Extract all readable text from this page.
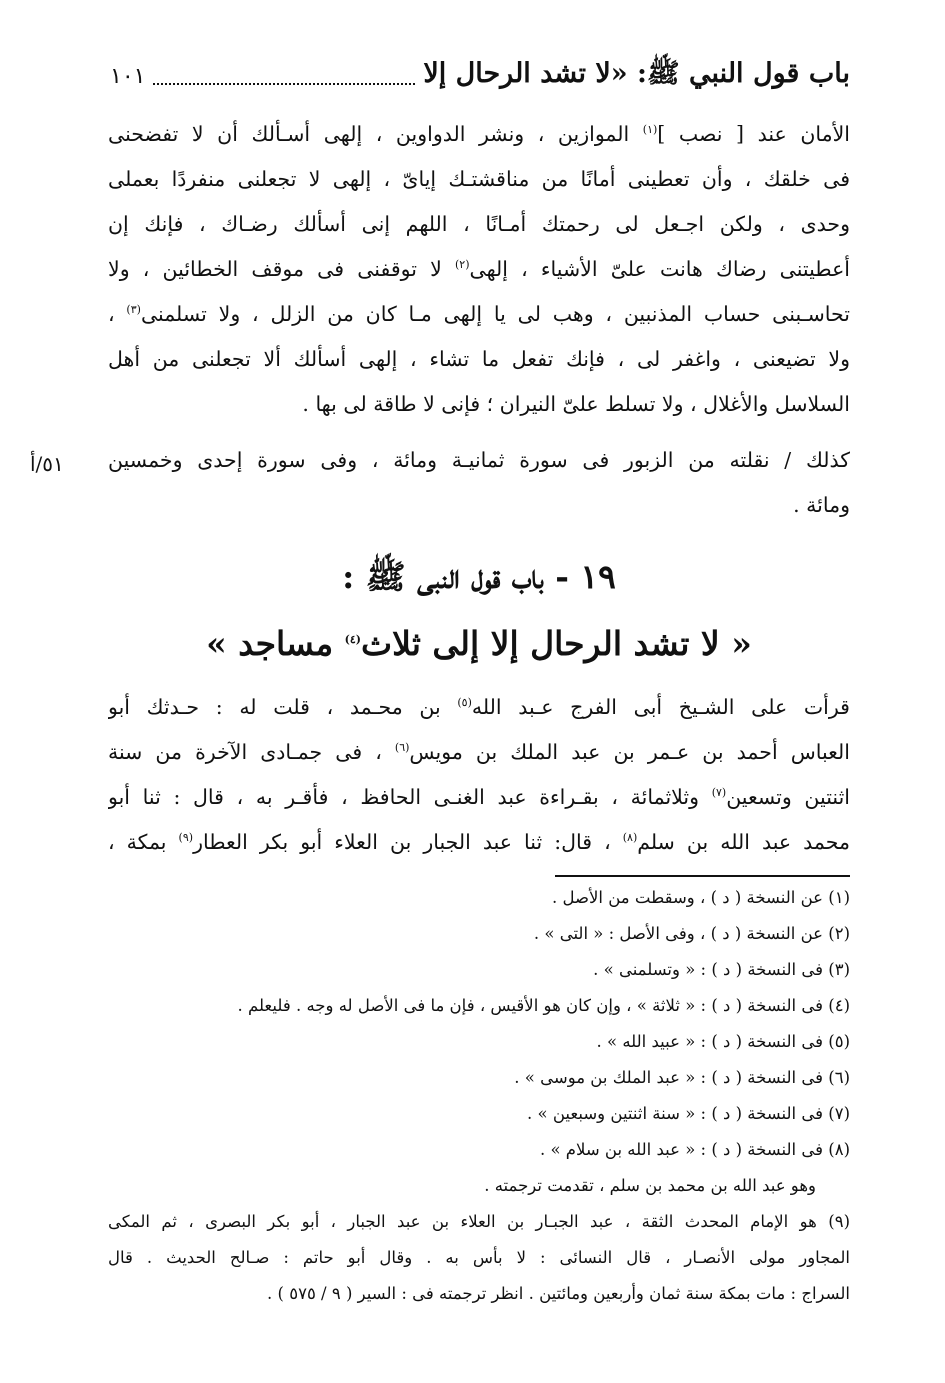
باب قول النبي ﷺ: «لا تشد الرحال إلا
١٠١
الأمان عند [ نصب ]$^{(١)}$ الموازين ، ونشر الدواوين ، إلهى أسـألك أن لا تفضحنى
فى خلقك ، وأن تعطينى أمانًا من مناقشتـك إياىّ ، إلهى لا تجعلنى منفردًا بعملى
وحدى ، ولكن اجـعل لى رحمتك أمـانًا ، اللهم إنى أسألك رضـاك ، فإنك إن
أعطيتنى رضاك هانت علىّ الأشياء ، إلهى$^{(٢)}$ لا توقفنى فى موقف الخطائين ، ولا
تحاسـبنى حساب المذنبين ، وهب لى يا إلهى مـا كان من الزلل ، ولا تسلمنى$^{(٣)}$ ،
ولا تضيعنى ، واغفر لى ، فإنك تفعل ما تشاء ، إلهى أسألك ألا تجعلنى من أهل
السلاسل والأغلال ، ولا تسلط علىّ النيران ؛ فإنى لا طاقة لى بها .
٥١/أ	كذلك / نقلته من الزبور فى سورة ثمانيـة ومائة ، وفى سورة إحدى وخمسين
ومائة .
١٩ - باب قول النبى ﷺ :
« لا تشد الرحال إلا إلى ثلاث$^{(٤)}$ مساجد »
قرأت على الشـيخ أبى الفرج عـبد الله$^{(٥)}$ بن محـمد ، قلت له : حـدثك أبو
العباس أحمد بن عـمر بن عبد الملك بن مويس$^{(٦)}$ ، فى جمـادى الآخرة من سنة
اثنتين وتسعين$^{(٧)}$ وثلاثمائة ، بقـراءة عبد الغنـى الحافظ ، فأقـر به ، قال : ثنا أبو
محمد عبد الله بن سلم$^{(٨)}$ ، قال: ثنا عبد الجبار بن العلاء أبو بكر العطار$^{(٩)}$ بمكة ،
(١) عن النسخة ( د ) ، وسقطت من الأصل .
(٢) عن النسخة ( د ) ، وفى الأصل : « التى » .
(٣) فى النسخة ( د ) : « وتسلمنى » .
(٤) فى النسخة ( د ) : « ثلاثة » ، وإن كان هو الأقيس ، فإن ما فى الأصل له وجه . فليعلم .
(٥) فى النسخة ( د ) : « عبيد الله » .
(٦) فى النسخة ( د ) : « عبد الملك بن موسى » .
(٧) فى النسخة ( د ) : « سنة اثنتين وسبعين » .
(٨) فى النسخة ( د ) : « عبد الله بن سلام » .
وهو عبد الله بن محمد بن سلم ، تقدمت ترجمته .
(٩) هو الإمام المحدث الثقة ، عبد الجبـار بن العلاء بن عبد الجبار ، أبو بكر البصرى ، ثم المكى
المجاور مولى الأنصـار ، قال النسائى : لا بأس به . وقال أبو حاتم : صـالح الحديث . قال
السراج : مات بمكة سنة ثمان وأربعين ومائتين . انظر ترجمته فى : السير ( ٩ / ٥٧٥ ) .
